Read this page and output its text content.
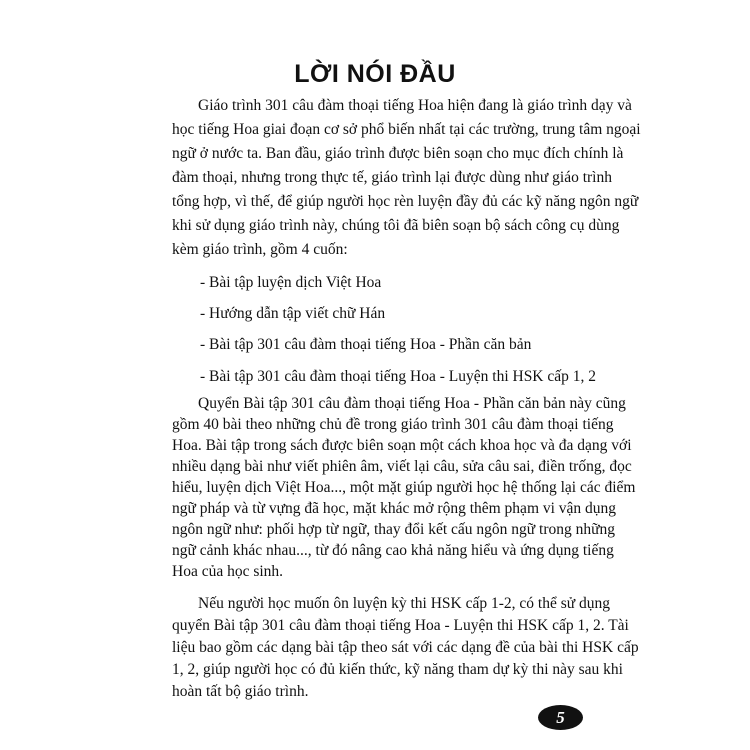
LỜI NÓI ĐẦU
Giáo trình 301 câu đàm thoại tiếng Hoa hiện đang là giáo trình dạy và
học tiếng Hoa giai đoạn cơ sở phổ biến nhất tại các trường, trung tâm ngoại
ngữ ở nước ta. Ban đầu, giáo trình được biên soạn cho mục đích chính là
đàm thoại, nhưng trong thực tế, giáo trình lại được dùng như giáo trình
tổng hợp, vì thế, để giúp người học rèn luyện đầy đủ các kỹ năng ngôn ngữ
khi sử dụng giáo trình này, chúng tôi đã biên soạn bộ sách công cụ dùng
kèm giáo trình, gồm 4 cuốn:
- Bài tập luyện dịch Việt Hoa
- Hướng dẫn tập viết chữ Hán
- Bài tập 301 câu đàm thoại tiếng Hoa - Phần căn bản
- Bài tập 301 câu đàm thoại tiếng Hoa - Luyện thi HSK cấp 1, 2
Quyển Bài tập 301 câu đàm thoại tiếng Hoa - Phần căn bản này cũng
gồm 40 bài theo những chủ đề trong giáo trình 301 câu đàm thoại tiếng
Hoa. Bài tập trong sách được biên soạn một cách khoa học và đa dạng với
nhiều dạng bài như viết phiên âm, viết lại câu, sửa câu sai, điền trống, đọc
hiểu, luyện dịch Việt Hoa..., một mặt giúp người học hệ thống lại các điểm
ngữ pháp và từ vựng đã học, mặt khác mở rộng thêm phạm vi vận dụng
ngôn ngữ như: phối hợp từ ngữ, thay đổi kết cấu ngôn ngữ trong những
ngữ cảnh khác nhau..., từ đó nâng cao khả năng hiểu và ứng dụng tiếng
Hoa của học sinh.
Nếu người học muốn ôn luyện kỳ thi HSK cấp 1-2, có thể sử dụng
quyển Bài tập 301 câu đàm thoại tiếng Hoa - Luyện thi HSK cấp 1, 2. Tài
liệu bao gồm các dạng bài tập theo sát với các dạng đề của bài thi HSK cấp
1, 2, giúp người học có đủ kiến thức, kỹ năng tham dự kỳ thi này sau khi
hoàn tất bộ giáo trình.
5
